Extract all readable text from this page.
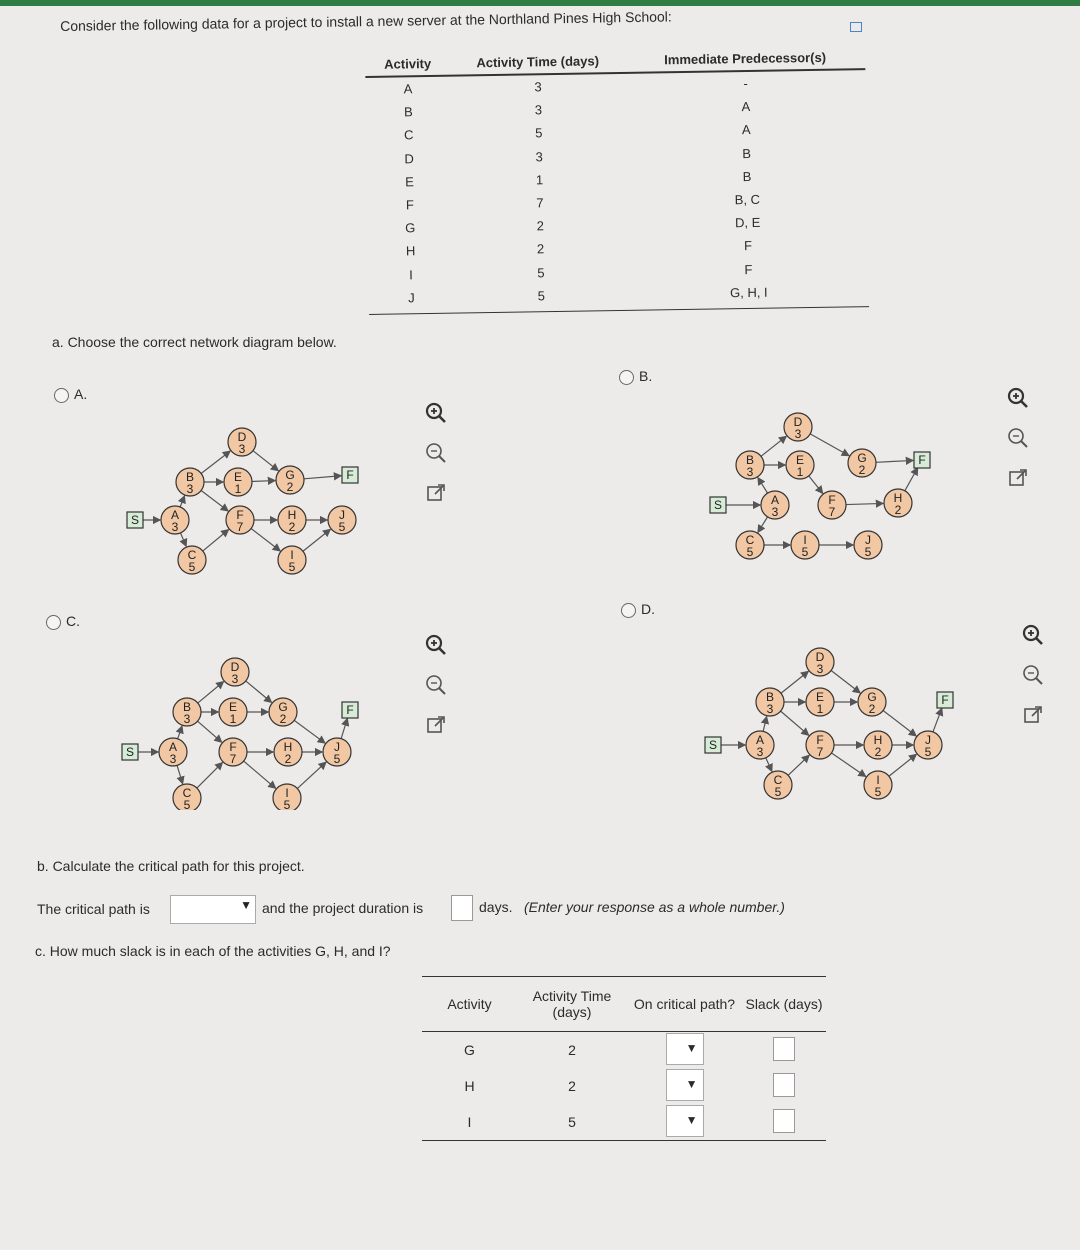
Consider the following data for a project to install a new server at the Northland Pines High School:
Activity	Activity Time (days)	Immediate Predecessor(s)
A	3	-
B	3	A
C	5	A
D	3	B
E	1	B
F	7	B, C
G	2	D, E
H	2	F
I	5	F
J	5	G, H, I
a. Choose the correct network diagram below.
A.
B.
C.
D.
S	A
3
B
3
C
5
D
3
E
1
F
7
G
2
H
2
I
5
J
5
F
S
B
3
A
3
C
5
D
3
E
1
F
7
G
2
H
2
I
5
J
5
F
S	A
3
B
3
C
5
D
3
E
1
F
7
G
2
H
2
I
5
J
5
F
S
B
3
A
3
C
5
D
3
E
1
F
7
G
2
H
2
I
5
J
5
F
b. Calculate the critical path for this project.
The critical path is	▼ and the project duration is	days. (Enter your response as a whole number.)
c. How much slack is in each of the activities G, H, and I?
Activity	Activity Time (days)	On critical path? Slack (days)
G	2	▼
H	2	▼
I	5	▼
